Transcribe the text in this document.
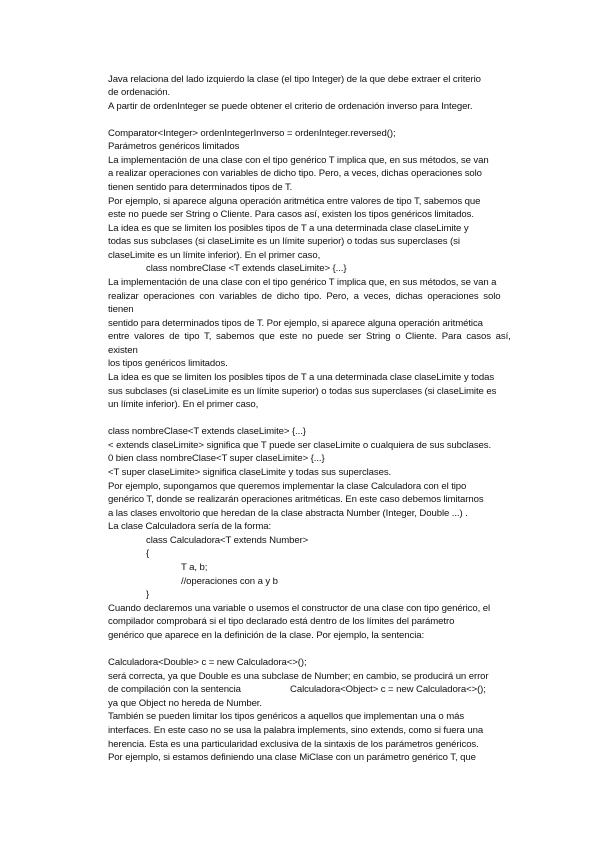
Java relaciona del lado izquierdo la clase (el tipo Integer) de la que debe extraer el criterio
de ordenación.
A partir de ordenInteger se puede obtener el criterio de ordenación inverso para Integer.
Comparator<Integer> ordenIntegerInverso = ordenInteger.reversed();
Parámetros genéricos limitados
La implementación de una clase con el tipo genérico T implica que, en sus métodos, se van
a realizar operaciones con variables de dicho tipo. Pero, a veces, dichas operaciones solo
tienen sentido para determinados tipos de T.
Por ejemplo, si aparece alguna operación aritmética entre valores de tipo T, sabemos que
este no puede ser String o Cliente. Para casos así, existen los tipos genéricos limitados.
La idea es que se limiten los posibles tipos de T a una determinada clase claseLimite y
todas sus subclases (si claseLimite es un límite superior) o todas sus superclases (si
claseLimite es un límite inferior). En el primer caso,
class nombreClase <T extends claseLimite> {...}
La implementación de una clase con el tipo genérico T implica que, en sus métodos, se van a
realizar operaciones con variables de dicho tipo. Pero, a veces, dichas operaciones solo
tienen
sentido para determinados tipos de T. Por ejemplo, si aparece alguna operación aritmética
entre valores de tipo T, sabemos que este no puede ser String o Cliente. Para casos así,
existen
los tipos genéricos limitados.
La idea es que se limiten los posibles tipos de T a una determinada clase claseLimite y todas
sus subclases (si claseLimite es un límite superior) o todas sus superclases (si claseLimite es
un límite inferior). En el primer caso,
class nombreClase<T extends claseLimite> {...}
< extends claseLimite> significa que T puede ser claseLimite o cualquiera de sus subclases.
0 bien class nombreClase<T super claseLimite> {...}
<T super claseLimite> significa claseLimite y todas sus superclases.
Por ejemplo, supongamos que queremos implementar la clase Calculadora con el tipo
genérico T, donde se realizarán operaciones aritméticas. En este caso debemos limitarnos
a las clases envoltorio que heredan de la clase abstracta Number (Integer, Double ...) .
La clase Calculadora sería de la forma:
class Calculadora<T extends Number>
{
T a, b;
//operaciones con a y b
}
Cuando declaremos una variable o usemos el constructor de una clase con tipo genérico, el
compilador comprobará si el tipo declarado está dentro de los límites del parámetro
genérico que aparece en la definición de la clase. Por ejemplo, la sentencia:
Calculadora<Double> c = new Calculadora<>();
será correcta, ya que Double es una subclase de Number; en cambio, se producirá un error
de compilación con la sentencia	Calculadora<Object> c = new Calculadora<>();
ya que Object no hereda de Number.
También se pueden limitar los tipos genéricos a aquellos que implementan una o más
interfaces. En este caso no se usa la palabra implements, sino extends, como si fuera una
herencia. Esta es una particularidad exclusiva de la sintaxis de los parámetros genéricos.
Por ejemplo, si estamos definiendo una clase MiClase con un parámetro genérico T, que
